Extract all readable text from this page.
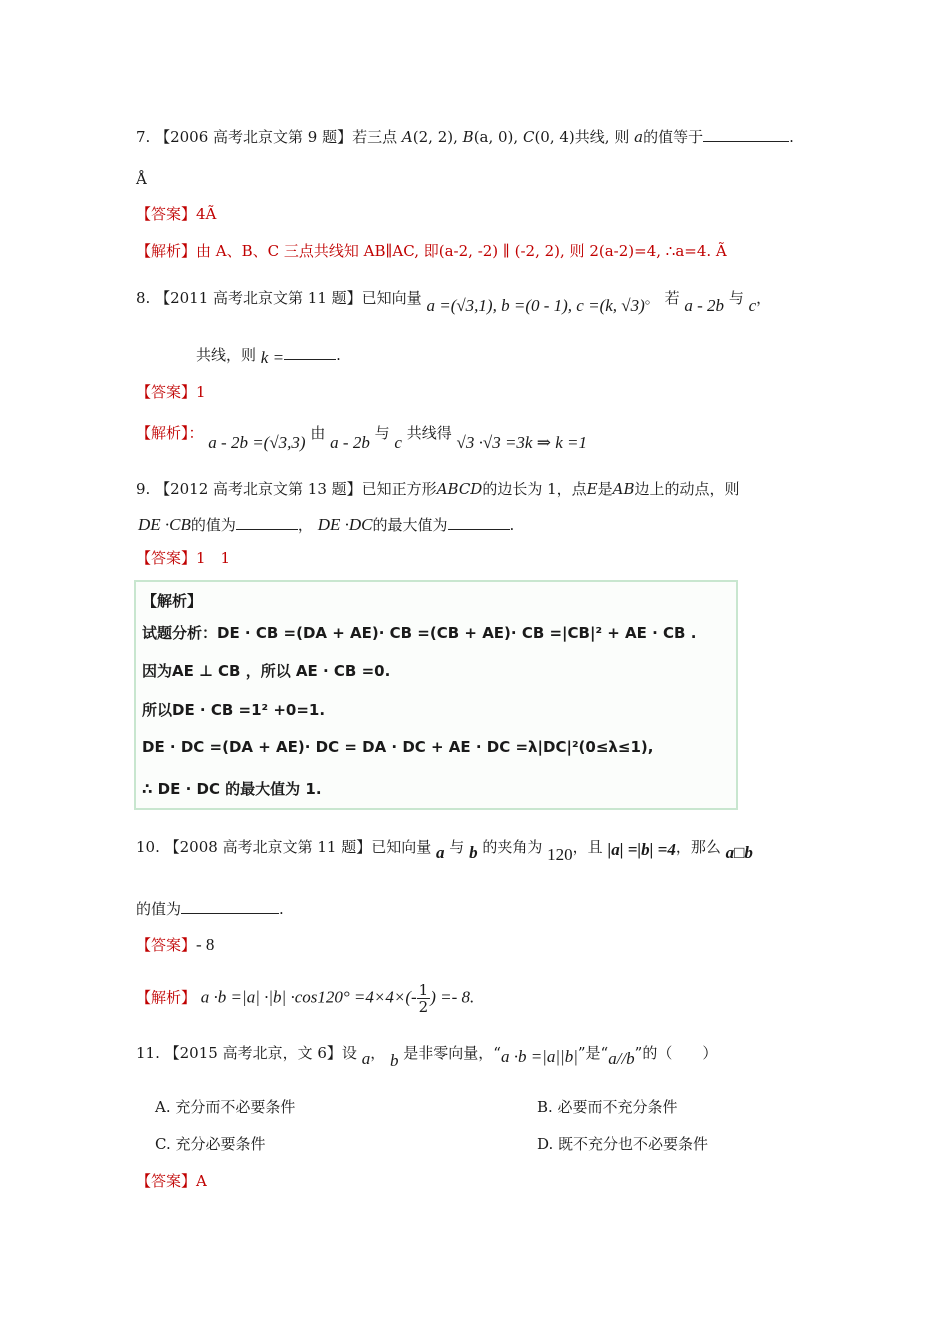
7. 【2006 高考北京文第 9 题】若三点 A(2, 2), B(a, 0), C(0, 4)共线, 则 a的值等于	.
Å
【答案】4Ã
【解析】由 A、B、C 三点共线知 AB∥AC, 即(a-2, -2) ∥ (-2, 2), 则 2(a-2)=4, ∴a=4. Ã
8. 【2011 高考北京文第 11 题】已知向量 a =(√3,1), b =(0 - 1), c =(k, √3)。 若 a - 2b 与 c，
共线，则 k =	.
【答案】1
【解析】： a - 2b =(√3,3) 由 a - 2b 与 c 共线得 √3 ·√3 =3k ⇒ k =1
9. 【2012 高考北京文第 13 题】已知正方形ABCD的边长为 1，点E是AB边上的动点，则
DE ·CB的值为	， DE ·DC的最大值为	.
【答案】1　1
【解析】
试题分析：DE · CB =(DA + AE)· CB =(CB + AE)· CB =|CB|² + AE · CB .
因为AE ⊥ CB ，所以 AE · CB =0.
所以DE · CB =1² +0=1.
DE · DC =(DA + AE)· DC = DA · DC + AE · DC =λ|DC|²(0≤λ≤1),
∴ DE · DC 的最大值为 1.
10. 【2008 高考北京文第 11 题】已知向量 a 与 b 的夹角为 120，且 |a| =|b| =4，那么 a□b
的值为	.
【答案】- 8
【解析】 $a \cdot b =|a| \cdot|b| \cdot\cos 120^\circ =4\times 4\times(- \frac{1}{2}$ ) =- 8.
11. 【2015 高考北京，文 6】设 a， b 是非零向量，“a ·b =|a||b|”是“a//b”的（　　）
A. 充分而不必要条件	B. 必要而不充分条件
C. 充分必要条件	D. 既不充分也不必要条件
【答案】A
